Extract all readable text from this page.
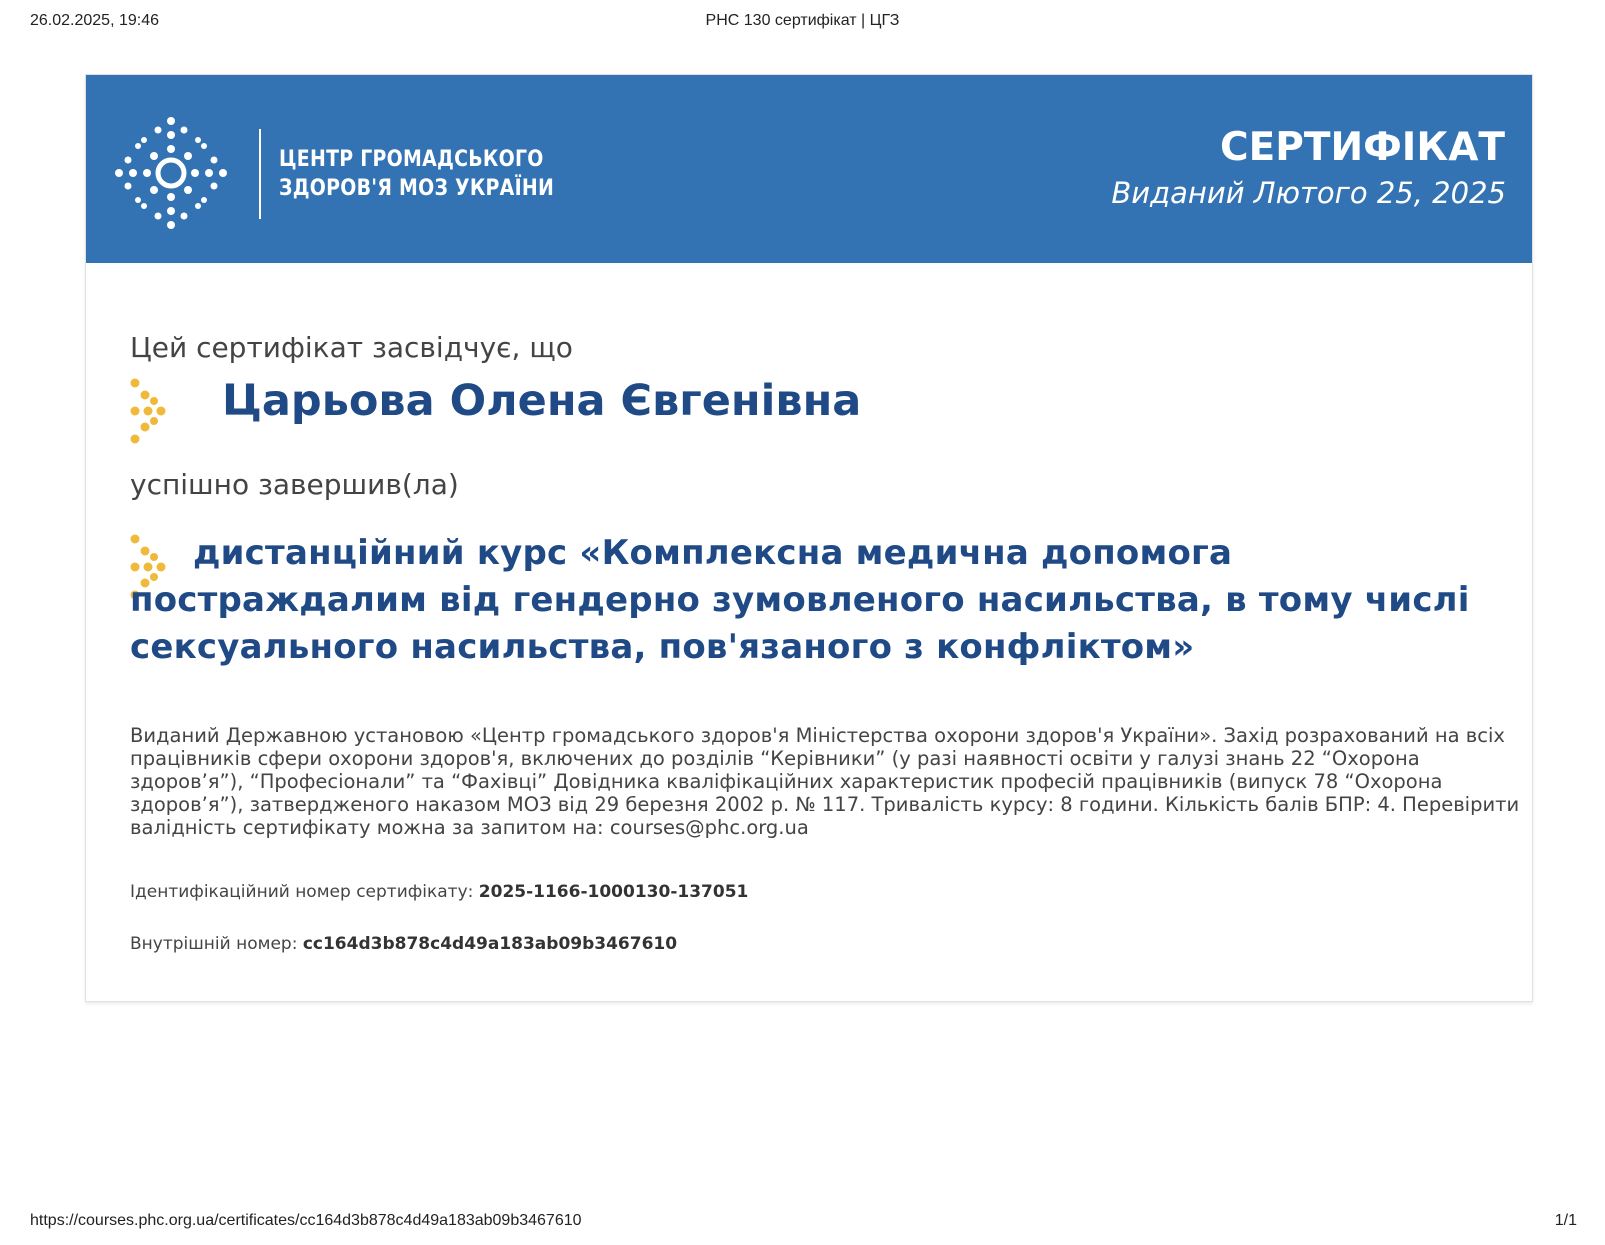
26.02.2025, 19:46	PHC 130 сертифікат | ЦГЗ
ЦЕНТР ГРОМАДСЬКОГО
ЗДОРОВ'Я МОЗ УКРАЇНИ
СЕРТИФІКАТ
Виданий Лютого 25, 2025
Цей сертифікат засвідчує, що
Царьова Олена Євгенівна
успішно завершив(ла)
дистанційний курс «Комплексна медична допомога постраждалим від гендерно зумовленого насильства, в тому числі сексуального насильства, пов'язаного з конфліктом»
Виданий Державною установою «Центр громадського здоров'я Міністерства охорони здоров'я України». Захід розрахований на всіх працівників сфери охорони здоров'я, включених до розділів “Керівники” (у разі наявності освіти у галузі знань 22 “Охорона здоров’я”), “Професіонали” та “Фахівці” Довідника кваліфікаційних характеристик професій працівників (випуск 78 “Охорона здоров’я”), затвердженого наказом МОЗ від 29 березня 2002 р. № 117. Тривалість курсу: 8 години. Кількість балів БПР: 4. Перевірити валідність сертифікату можна за запитом на: courses@phc.org.ua
Ідентифікаційний номер сертифікату: 2025-1166-1000130-137051
Внутрішній номер: cc164d3b878c4d49a183ab09b3467610
https://courses.phc.org.ua/certificates/cc164d3b878c4d49a183ab09b3467610	1/1
